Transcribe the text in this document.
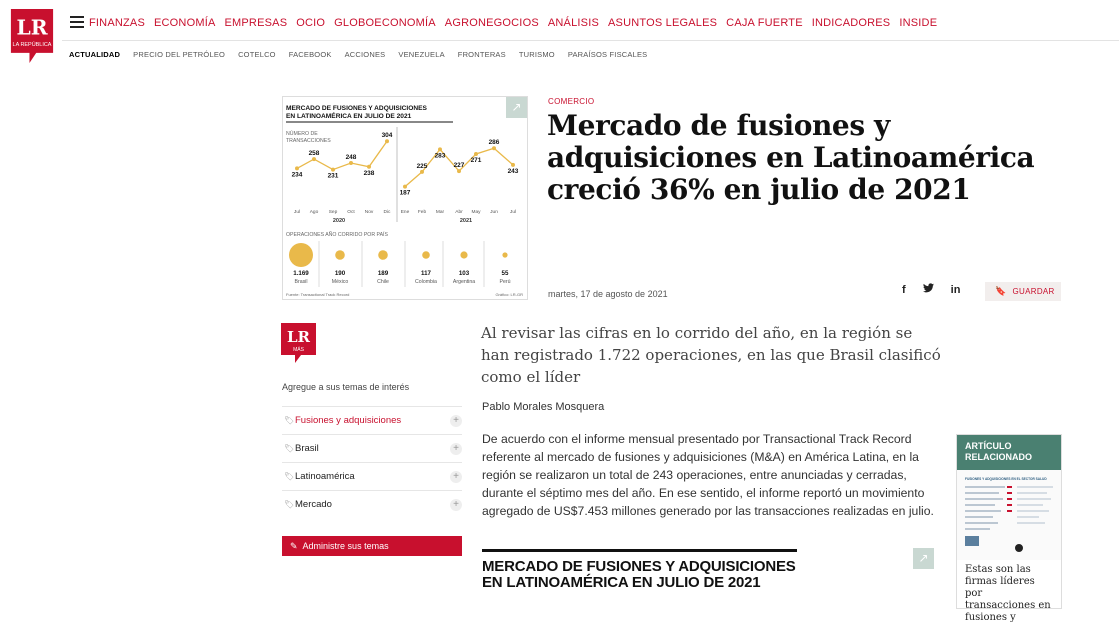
LR
LA REPÚBLICA
FINANZAS ECONOMÍA EMPRESAS OCIO GLOBOECONOMÍA AGRONEGOCIOS ANÁLISIS ASUNTOS LEGALES CAJA FUERTE INDICADORES INSIDE
ACTUALIDAD PRECIO DEL PETRÓLEO COTELCO FACEBOOK ACCIONES VENEZUELA FRONTERAS TURISMO PARAÍSOS FISCALES
MERCADO DE FUSIONES Y ADQUISICIONES
EN LATINOAMÉRICA EN JULIO DE 2021
NÚMERO DE
TRANSACCIONES
234
Jul
258
Ago
231
Sep
248
Oct
238
Nov
304
Dic
187
Ene
225
Feb
283
Mar
227
Abr
271
May
286
Jun
243
Jul
2020	2021
OPERACIONES AÑO CORRIDO POR PAÍS
1.169
Brasil
190
México
189
Chile
117
Colombia
103
Argentina
55
Perú
Fuente: Transactional Track Record	Gráfico: LR-GR
↗	COMERCIO
Mercado de fusiones y adquisiciones en Latinoamérica creció 36% en julio de 2021
martes, 17 de agosto de 2021	f	in	🔖 GUARDAR
LR
MÁS
Agregue a sus temas de interés
🏷Fusiones y adquisiciones	+
🏷Brasil	+
🏷Latinoamérica	+
🏷Mercado	+
✎ Administre sus temas

Al revisar las cifras en lo corrido del año, en la región se han registrado 1.722 operaciones, en las que Brasil clasificó como el líder

Pablo Morales Mosquera

De acuerdo con el informe mensual presentado por Transactional Track Record referente al mercado de fusiones y adquisiciones (M&A) en América Latina, en la región se realizaron un total de 243 operaciones, entre anunciadas y cerradas, durante el séptimo mes del año. En ese sentido, el informe reportó un movimiento agregado de US$7.453 millones generado por las transacciones realizadas en julio.

MERCADO DE FUSIONES Y ADQUISICIONES EN LATINOAMÉRICA EN JULIO DE 2021
↗
ARTÍCULO RELACIONADO
FUSIONES Y ADQUISICIONES EN EL SECTOR SALUD
Estas son las firmas líderes por transacciones en fusiones y
